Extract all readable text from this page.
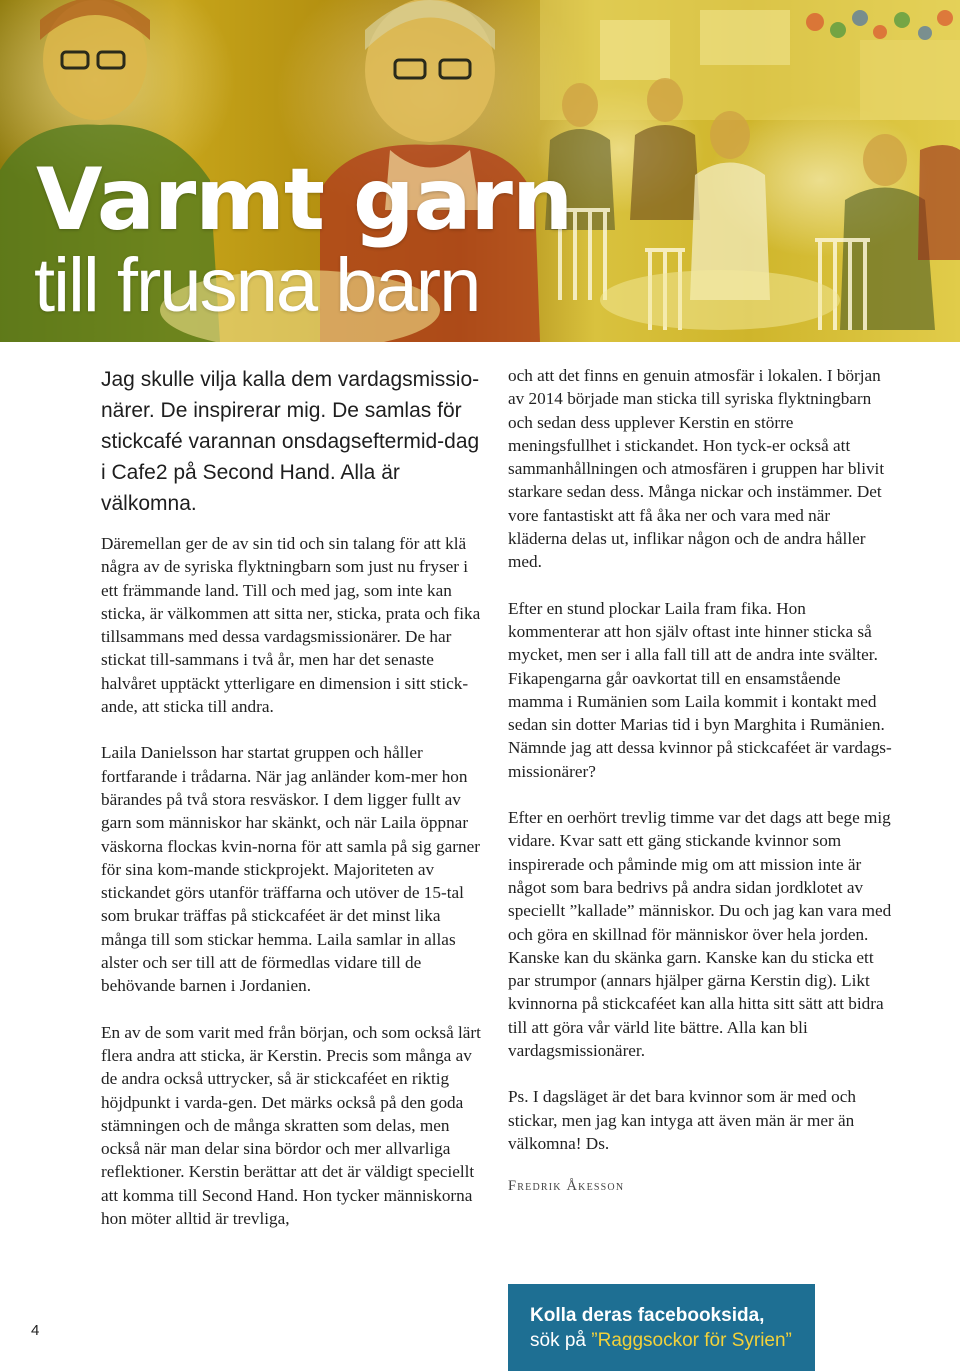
Varmt garn
till frusna barn

Jag skulle vilja kalla dem vardagsmissio-närer. De inspirerar mig. De samlas för stickcafé varannan onsdagseftermid-dag i Cafe2 på Second Hand. Alla är välkomna.

Däremellan ger de av sin tid och sin talang för att klä några av de syriska flyktningbarn som just nu fryser i ett främmande land. Till och med jag, som inte kan sticka, är välkommen att sitta ner, sticka, prata och fika tillsammans med dessa vardagsmissionärer. De har stickat till-sammans i två år, men har det senaste halvåret upptäckt ytterligare en dimension i sitt stick-ande, att sticka till andra.

Laila Danielsson har startat gruppen och håller fortfarande i trådarna. När jag anländer kom-mer hon bärandes på två stora resväskor. I dem ligger fullt av garn som människor har skänkt, och när Laila öppnar väskorna flockas kvin-norna för att samla på sig garner för sina kom-mande stickprojekt. Majoriteten av stickandet görs utanför träffarna och utöver de 15-tal som brukar träffas på stickcaféet är det minst lika många till som stickar hemma. Laila samlar in allas alster och ser till att de förmedlas vidare till de behövande barnen i Jordanien.

En av de som varit med från början, och som också lärt flera andra att sticka, är Kerstin. Precis som många av de andra också uttrycker, så är stickcaféet en riktig höjdpunkt i varda-gen. Det märks också på den goda stämningen och de många skratten som delas, men också när man delar sina bördor och mer allvarliga reflektioner. Kerstin berättar att det är väldigt speciellt att komma till Second Hand. Hon tycker människorna hon möter alltid är trevliga,

och att det finns en genuin atmosfär i lokalen. I början av 2014 började man sticka till syriska flyktningbarn och sedan dess upplever Kerstin en större meningsfullhet i stickandet. Hon tyck-er också att sammanhållningen och atmosfären i gruppen har blivit starkare sedan dess. Många nickar och instämmer. Det vore fantastiskt att få åka ner och vara med när kläderna delas ut, inflikar någon och de andra håller med.

Efter en stund plockar Laila fram fika. Hon kommenterar att hon själv oftast inte hinner sticka så mycket, men ser i alla fall till att de andra inte svälter. Fikapengarna går oavkortat till en ensamstående mamma i Rumänien som Laila kommit i kontakt med sedan sin dotter Marias tid i byn Marghita i Rumänien. Nämnde jag att dessa kvinnor på stickcaféet är vardags-missionärer?

Efter en oerhört trevlig timme var det dags att bege mig vidare. Kvar satt ett gäng stickande kvinnor som inspirerade och påminde mig om att mission inte är något som bara bedrivs på andra sidan jordklotet av speciellt ”kallade” människor. Du och jag kan vara med och göra en skillnad för människor över hela jorden. Kanske kan du skänka garn. Kanske kan du sticka ett par strumpor (annars hjälper gärna Kerstin dig). Likt kvinnorna på stickcaféet kan alla hitta sitt sätt att bidra till att göra vår värld lite bättre. Alla kan bli vardagsmissionärer.

Ps. I dagsläget är det bara kvinnor som är med och stickar, men jag kan intyga att även män är mer än välkomna! Ds.

Fredrik Åkesson

Kolla deras facebooksida,
sök på ”Raggsockor för Syrien”
4
